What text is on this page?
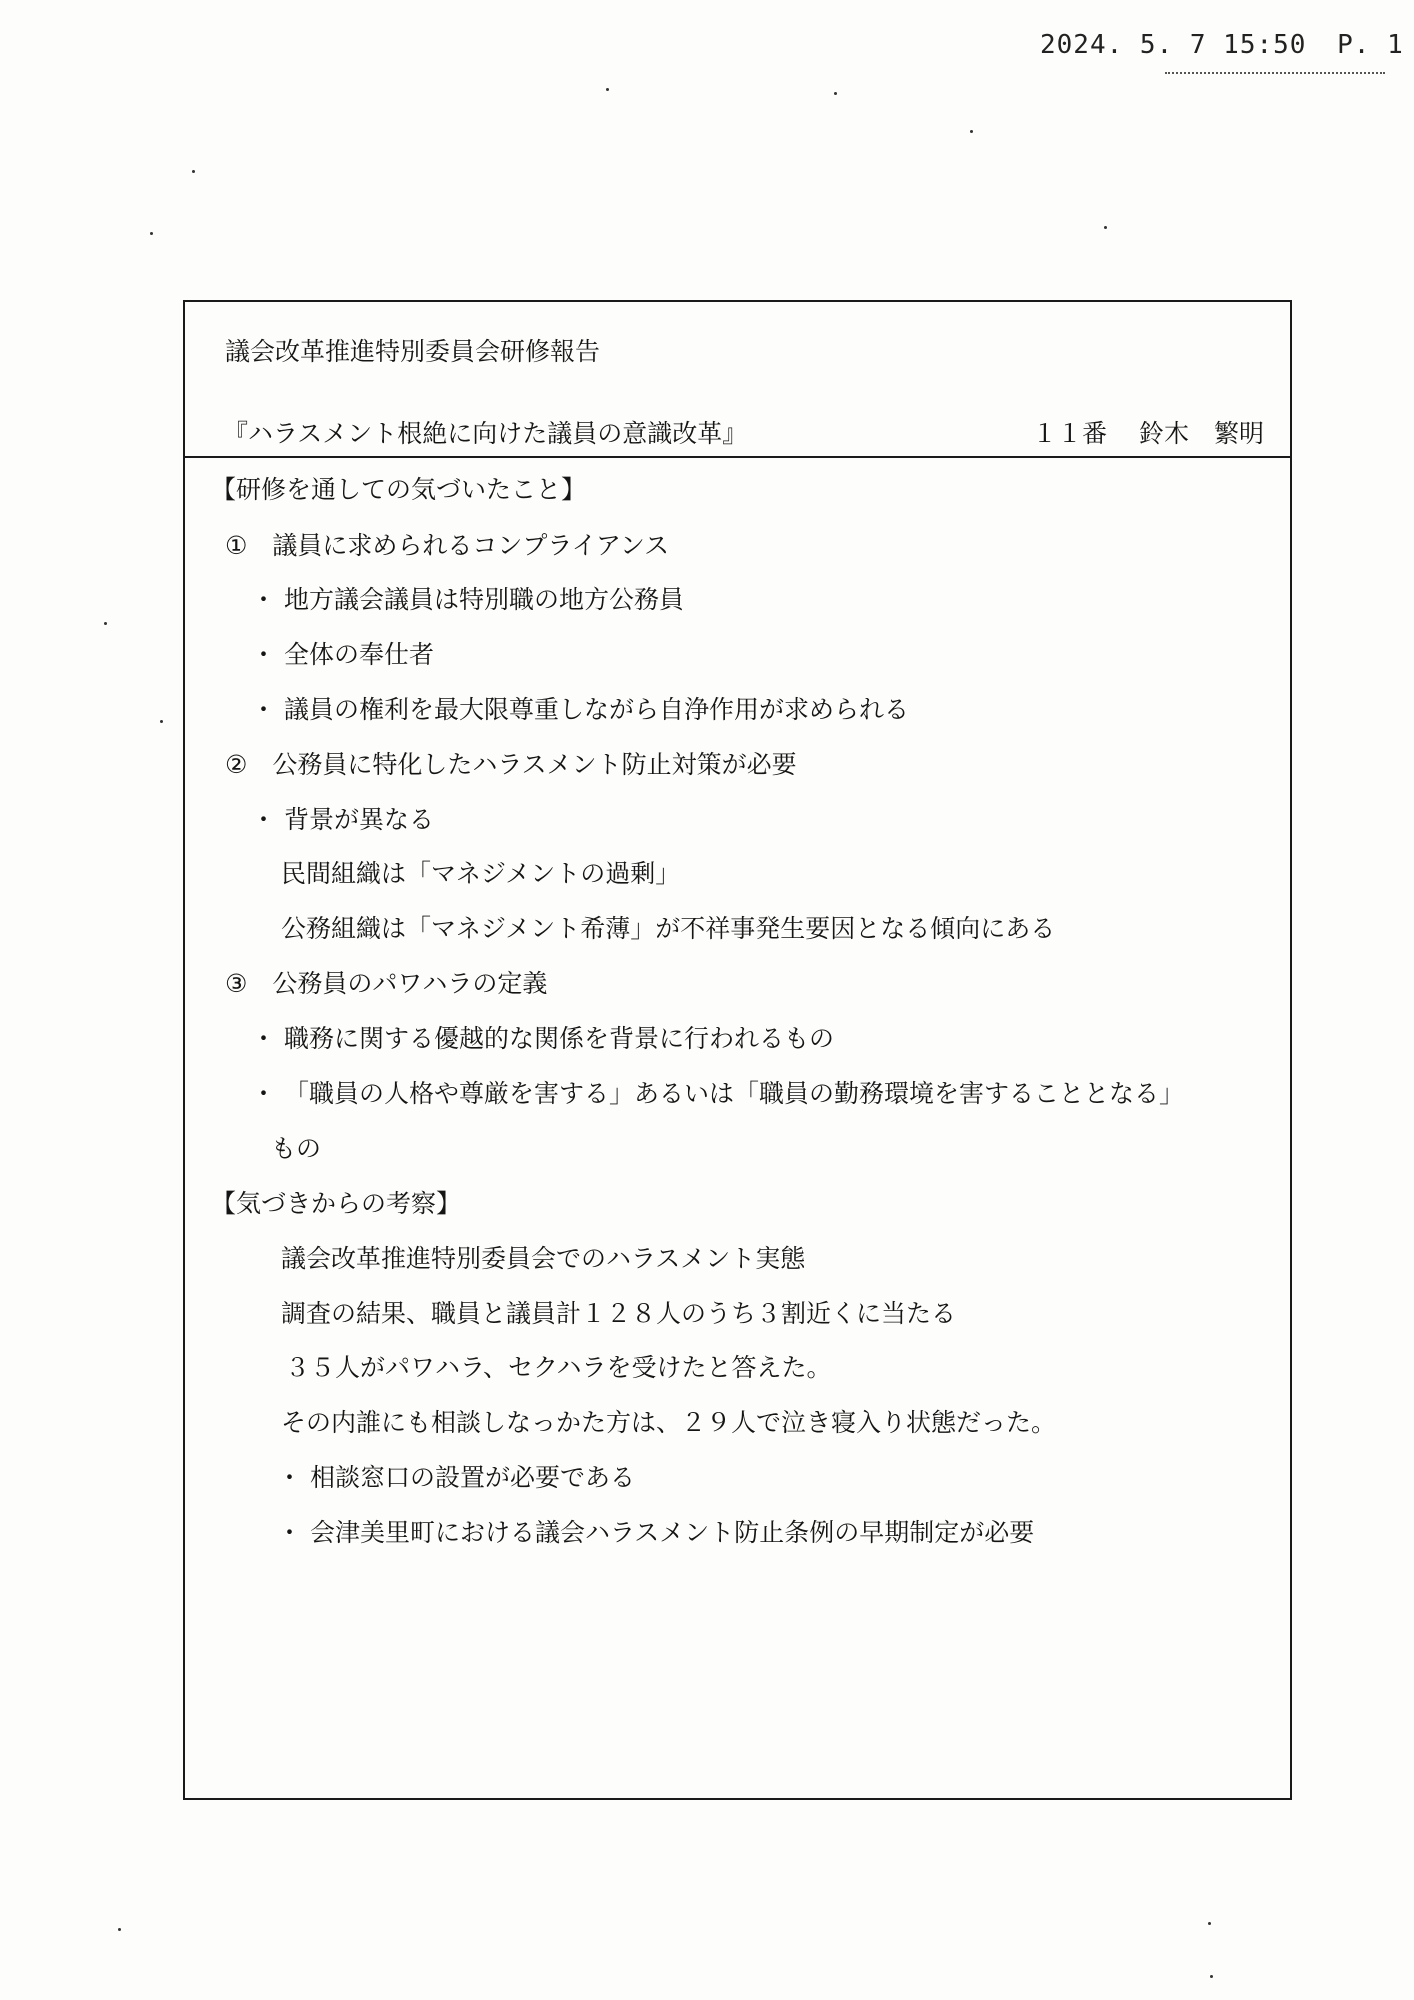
2024. 5. 7 15:50 P. 1
議会改革推進特別委員会研修報告
『ハラスメント根絶に向けた議員の意識改革』	１１番 鈴木　繁明
【研修を通しての気づいたこと】
①　議員に求められるコンプライアンス
・ 地方議会議員は特別職の地方公務員
・ 全体の奉仕者
・ 議員の権利を最大限尊重しながら自浄作用が求められる
②　公務員に特化したハラスメント防止対策が必要
・ 背景が異なる
民間組織は「マネジメントの過剰」
公務組織は「マネジメント希薄」が不祥事発生要因となる傾向にある
③　公務員のパワハラの定義
・ 職務に関する優越的な関係を背景に行われるもの
・ 「職員の人格や尊厳を害する」あるいは「職員の勤務環境を害することとなる」
もの
【気づきからの考察】
議会改革推進特別委員会でのハラスメント実態
調査の結果、職員と議員計１２８人のうち３割近くに当たる
３５人がパワハラ、セクハラを受けたと答えた。
その内誰にも相談しなっかた方は、２９人で泣き寝入り状態だった。
・ 相談窓口の設置が必要である
・ 会津美里町における議会ハラスメント防止条例の早期制定が必要
